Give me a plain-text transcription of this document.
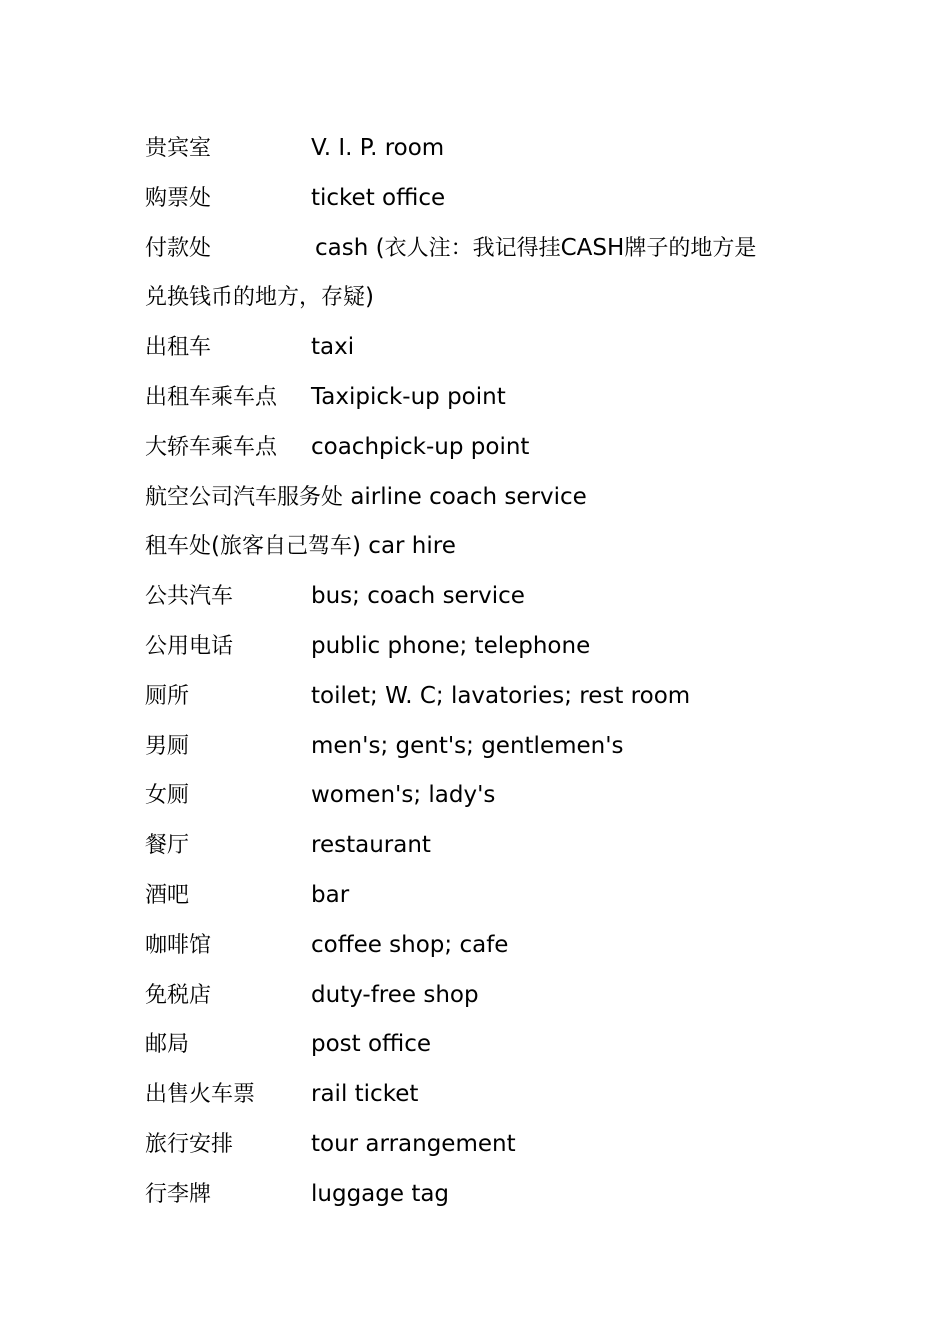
贵宾室	V. I. P. room
购票处	ticket office
付款处	cash (衣人注：我记得挂CASH牌子的地方是
兑换钱币的地方，存疑)
出租车	taxi
出租车乘车点 Taxipick-up point
大轿车乘车点 coachpick-up point
航空公司汽车服务处 airline coach service
租车处(旅客自己驾车) car hire
公共汽车	bus; coach service
公用电话	public phone; telephone
厕所	toilet; W. C; lavatories; rest room
男厕	men's; gent's; gentlemen's
女厕	women's; lady's
餐厅	restaurant
酒吧	bar
咖啡馆	coffee shop; cafe
免税店	duty-free shop
邮局	post office
出售火车票 rail ticket
旅行安排	tour arrangement
行李牌	luggage tag
